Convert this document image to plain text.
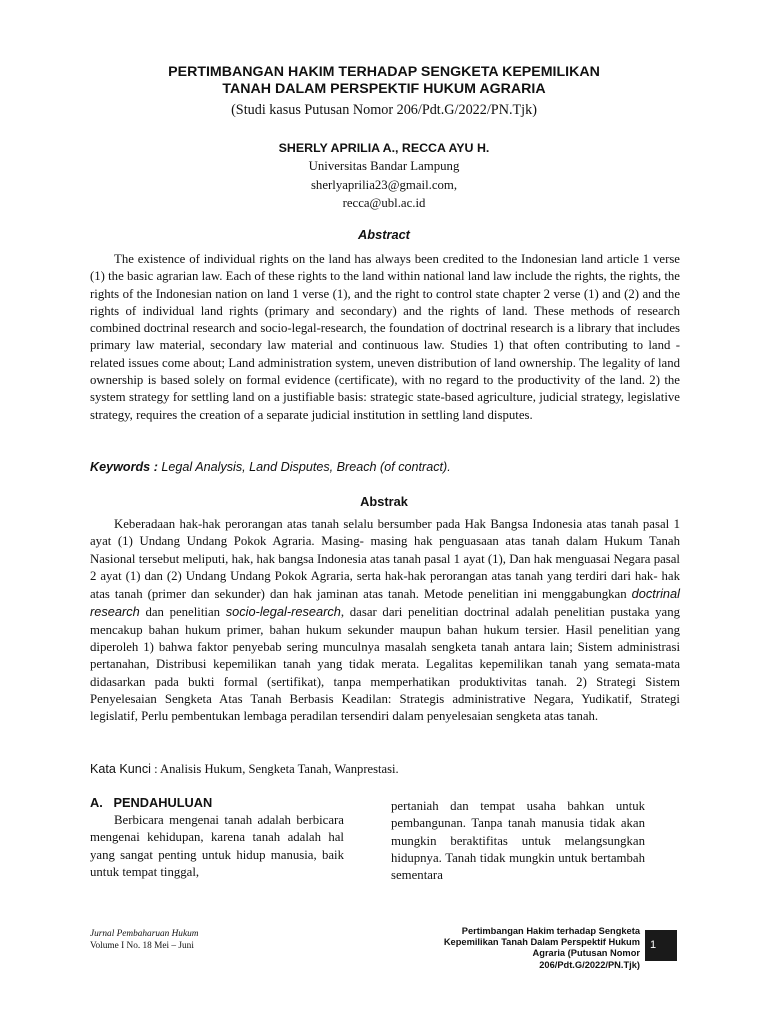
PERTIMBANGAN HAKIM TERHADAP SENGKETA KEPEMILIKAN
TANAH DALAM PERSPEKTIF HUKUM AGRARIA
(Studi kasus Putusan Nomor 206/Pdt.G/2022/PN.Tjk)
SHERLY APRILIA A., RECCA AYU H.
Universitas Bandar Lampung
sherlyaprilia23@gmail.com,
recca@ubl.ac.id
Abstract

The existence of individual rights on the land has always been credited to the Indonesian land article 1 verse (1) the basic agrarian law. Each of these rights to the land within national land law include the rights, the rights, the rights of the Indonesian nation on land 1 verse (1), and the right to control state chapter 2 verse (1) and (2) and the rights of individual land rights (primary and secondary) and the rights of land. These methods of research combined doctrinal research and socio-legal-research, the foundation of doctrinal research is a library that includes primary law material, secondary law material and continuous law. Studies 1) that often contributing to land - related issues come about; Land administration system, uneven distribution of land ownership. The legality of land ownership is based solely on formal evidence (certificate), with no regard to the productivity of the land. 2) the system strategy for settling land on a justifiable basis: strategic state-based agriculture, judicial strategy, legislative strategy, requires the creation of a separate judicial institution in settling land disputes.

Keywords : Legal Analysis, Land Disputes, Breach (of contract).
Abstrak

Keberadaan hak-hak perorangan atas tanah selalu bersumber pada Hak Bangsa Indonesia atas tanah pasal 1 ayat (1) Undang Undang Pokok Agraria. Masing- masing hak penguasaan atas tanah dalam Hukum Tanah Nasional tersebut meliputi, hak, hak bangsa Indonesia atas tanah pasal 1 ayat (1), Dan hak menguasai Negara pasal 2 ayat (1) dan (2) Undang Undang Pokok Agraria, serta hak-hak perorangan atas tanah yang terdiri dari hak- hak atas tanah (primer dan sekunder) dan hak jaminan atas tanah. Metode penelitian ini menggabungkan doctrinal research dan penelitian socio-legal-research, dasar dari penelitian doctrinal adalah penelitian pustaka yang mencakup bahan hukum primer, bahan hukum sekunder maupun bahan hukum tersier. Hasil penelitian yang diperoleh 1) bahwa faktor penyebab sering munculnya masalah sengketa tanah antara lain; Sistem administrasi pertanahan, Distribusi kepemilikan tanah yang tidak merata. Legalitas kepemilikan tanah yang semata-mata didasarkan pada bukti formal (sertifikat), tanpa memperhatikan produktivitas tanah. 2) Strategi Sistem Penyelesaian Sengketa Atas Tanah Berbasis Keadilan: Strategis administrative Negara, Yudikatif, Strategi legislatif, Perlu pembentukan lembaga peradilan tersendiri dalam penyelesaian sengketa atas tanah.

Kata Kunci : Analisis Hukum, Sengketa Tanah, Wanprestasi.
A.   PENDAHULUAN

Berbicara mengenai tanah adalah berbicara mengenai kehidupan, karena tanah adalah hal yang sangat penting untuk hidup manusia, baik untuk tempat tinggal,

pertaniah dan tempat usaha bahkan untuk pembangunan. Tanpa tanah manusia tidak akan mungkin beraktifitas untuk melangsungkan hidupnya. Tanah tidak mungkin untuk bertambah sementara

Jurnal Pembaharuan Hukum
Volume I No. 18 Mei – Juni
Pertimbangan Hakim terhadap Sengketa
Kepemilikan Tanah Dalam Perspektif Hukum
Agraria (Putusan Nomor
206/Pdt.G/2022/PN.Tjk)
1
